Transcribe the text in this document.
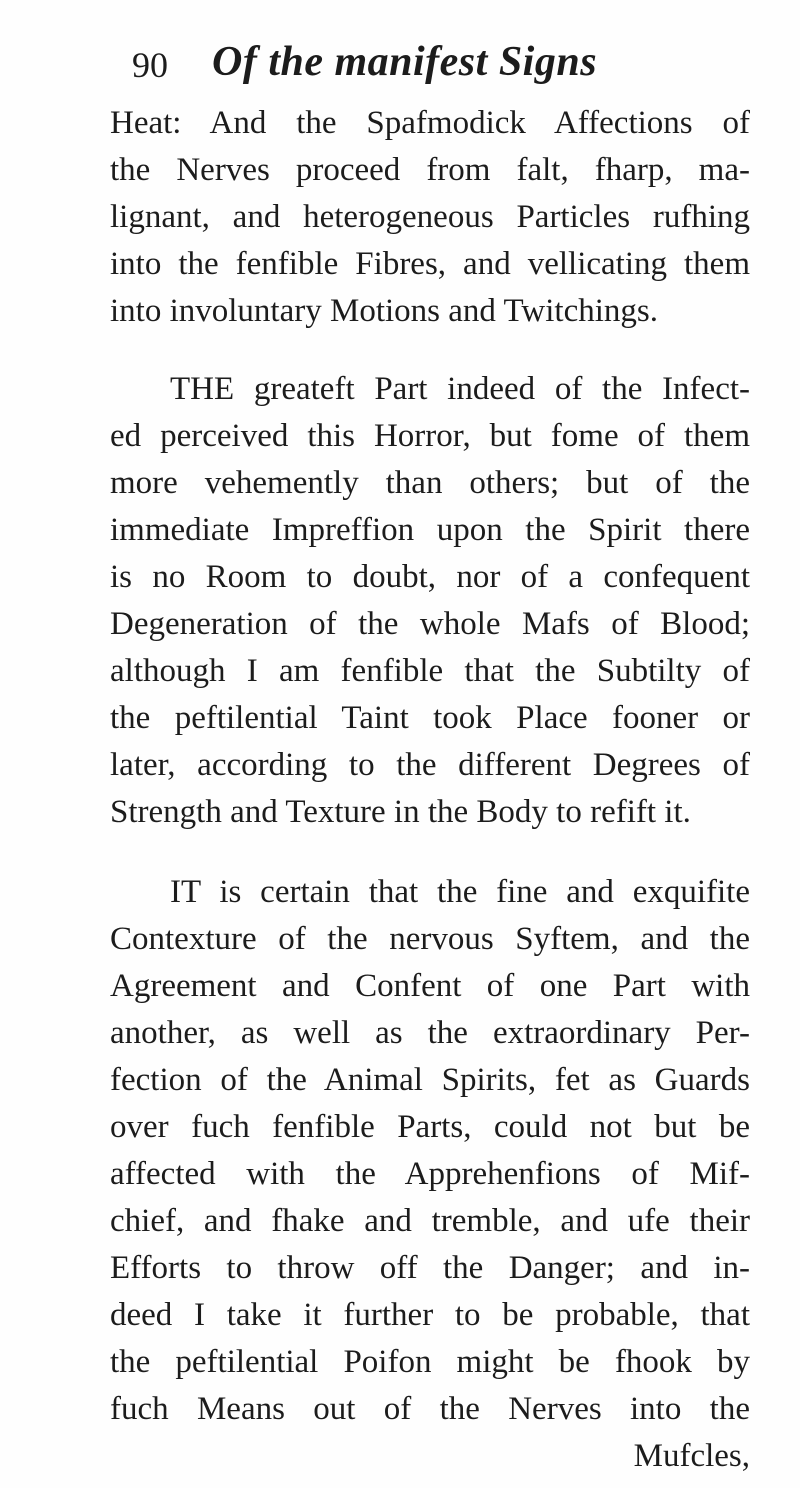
90 Of the manifest Signs
Heat: And the Spafmodick Affections of
the Nerves proceed from falt, fharp, ma-
lignant, and heterogeneous Particles rufhing
into the fenfible Fibres, and vellicating them
into involuntary Motions and Twitchings.
THE greateft Part indeed of the Infect-
ed perceived this Horror, but fome of them
more vehemently than others; but of the
immediate Impreffion upon the Spirit there
is no Room to doubt, nor of a confequent
Degeneration of the whole Mafs of Blood;
although I am fenfible that the Subtilty of
the peftilential Taint took Place fooner or
later, according to the different Degrees of
Strength and Texture in the Body to refift it.
IT is certain that the fine and exquifite
Contexture of the nervous Syftem, and the
Agreement and Confent of one Part with
another, as well as the extraordinary Per-
fection of the Animal Spirits, fet as Guards
over fuch fenfible Parts, could not but be
affected with the Apprehenfions of Mif-
chief, and fhake and tremble, and ufe their
Efforts to throw off the Danger; and in-
deed I take it further to be probable, that
the peftilential Poifon might be fhook by
fuch Means out of the Nerves into the
Mufcles,
